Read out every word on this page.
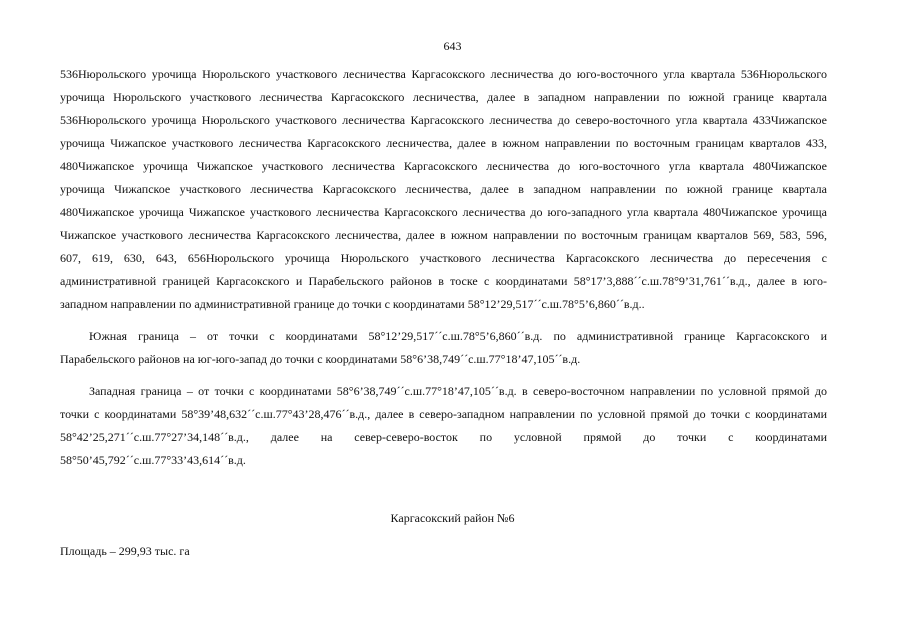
643
536Нюрольского урочища Нюрольского участкового лесничества Каргасокского лесничества до юго-восточного угла квартала 536Нюрольского
урочища Нюрольского участкового лесничества Каргасокского лесничества, далее в западном направлении по южной границе квартала
536Нюрольского урочища Нюрольского участкового лесничества Каргасокского лесничества до северо-восточного угла квартала 433Чижапское
урочища Чижапское участкового лесничества Каргасокского лесничества, далее в южном направлении по восточным границам кварталов 433,
480Чижапское урочища Чижапское участкового лесничества Каргасокского лесничества до юго-восточного угла квартала 480Чижапское
урочища Чижапское участкового лесничества Каргасокского лесничества, далее в западном направлении по южной границе квартала
480Чижапское урочища Чижапское участкового лесничества Каргасокского лесничества до юго-западного угла квартала 480Чижапское урочища
Чижапское участкового лесничества Каргасокского лесничества, далее в южном направлении по восточным границам кварталов 569, 583, 596,
607, 619, 630, 643, 656Нюрольского урочища Нюрольского участкового лесничества Каргасокского лесничества до пересечения с
административной границей Каргасокского и Парабельского районов в тоске с координатами 58°17’3,888´´с.ш.78°9’31,761´´в.д., далее в юго-
западном направлении по административной границе до точки с координатами 58°12’29,517´´с.ш.78°5’6,860´´в.д..
Южная граница – от точки с координатами 58°12’29,517´´с.ш.78°5’6,860´´в.д. по административной границе Каргасокского и
Парабельского районов на юг-юго-запад до точки с координатами 58°6’38,749´´с.ш.77°18’47,105´´в.д.
Западная граница – от точки с координатами 58°6’38,749´´с.ш.77°18’47,105´´в.д. в северо-восточном направлении по условной прямой до
точки с координатами 58°39’48,632´´с.ш.77°43’28,476´´в.д., далее в северо-западном направлении по условной прямой до точки с координатами
58°42’25,271´´с.ш.77°27’34,148´´в.д., далее на север-северо-восток по условной прямой до точки с координатами
58°50’45,792´´с.ш.77°33’43,614´´в.д.
Каргасокский район №6
Площадь – 299,93 тыс. га
